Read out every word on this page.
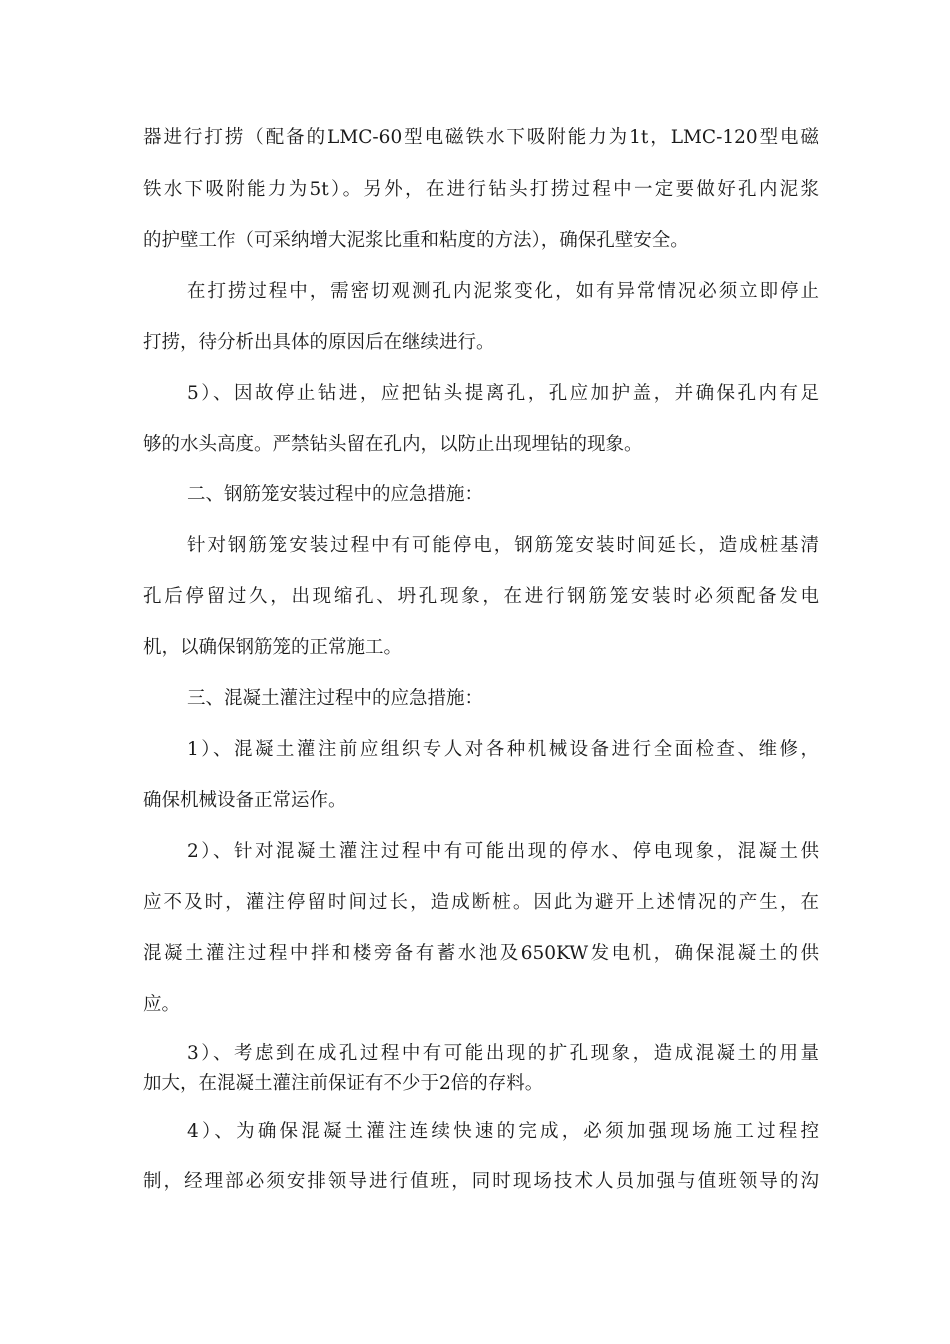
器进行打捞（配备的LMC-60型电磁铁水下吸附能力为1t，LMC-120型电磁
铁水下吸附能力为5t）。另外，在进行钻头打捞过程中一定要做好孔内泥浆
的护壁工作（可采纳增大泥浆比重和粘度的方法），确保孔壁安全。
在打捞过程中，需密切观测孔内泥浆变化，如有异常情况必须立即停止
打捞，待分析出具体的原因后在继续进行。
5）、因故停止钻进，应把钻头提离孔，孔应加护盖，并确保孔内有足
够的水头高度。严禁钻头留在孔内，以防止出现埋钻的现象。
二、钢筋笼安装过程中的应急措施：
针对钢筋笼安装过程中有可能停电，钢筋笼安装时间延长，造成桩基清
孔后停留过久，出现缩孔、坍孔现象，在进行钢筋笼安装时必须配备发电
机，以确保钢筋笼的正常施工。
三、混凝土灌注过程中的应急措施：
1）、混凝土灌注前应组织专人对各种机械设备进行全面检查、维修，
确保机械设备正常运作。
2）、针对混凝土灌注过程中有可能出现的停水、停电现象，混凝土供
应不及时，灌注停留时间过长，造成断桩。因此为避开上述情况的产生，在
混凝土灌注过程中拌和楼旁备有蓄水池及650KW发电机，确保混凝土的供
应。
3）、考虑到在成孔过程中有可能出现的扩孔现象，造成混凝土的用量
加大，在混凝土灌注前保证有不少于2倍的存料。
4）、为确保混凝土灌注连续快速的完成，必须加强现场施工过程控
制，经理部必须安排领导进行值班，同时现场技术人员加强与值班领导的沟
